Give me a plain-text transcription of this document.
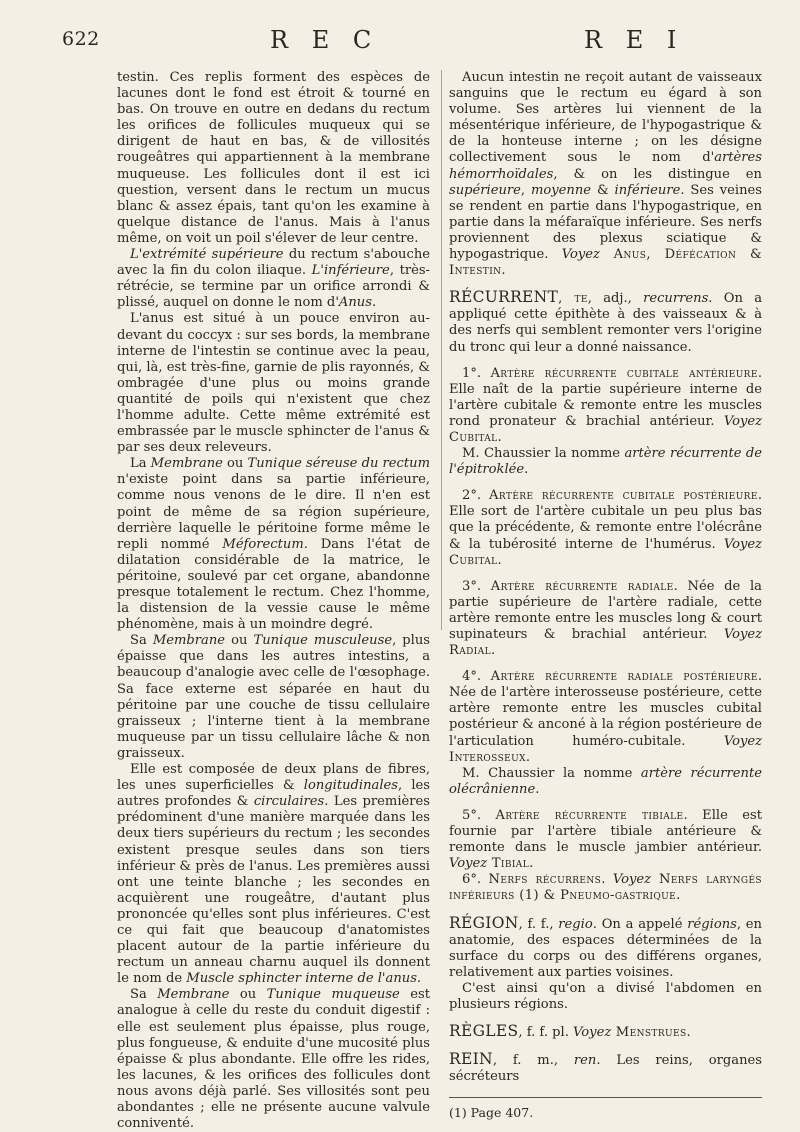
622	R E C	R E I

testin. Ces replis forment des espèces de lacunes dont le fond est étroit & tourné en bas. On trouve en outre en dedans du rectum les orifices de follicules muqueux qui se dirigent de haut en bas, & de villosités rougeâtres qui appartiennent à la membrane muqueuse. Les follicules dont il est ici question, versent dans le rectum un mucus blanc & assez épais, tant qu'on les examine à quelque distance de l'anus. Mais à l'anus même, on voit un poil s'élever de leur centre.

L'extrémité supérieure du rectum s'abouche avec la fin du colon iliaque. L'inférieure, très-rétrécie, se termine par un orifice arrondi & plissé, auquel on donne le nom d'Anus.

L'anus est situé à un pouce environ au-devant du coccyx : sur ses bords, la membrane interne de l'intestin se continue avec la peau, qui, là, est très-fine, garnie de plis rayonnés, & ombragée d'une plus ou moins grande quantité de poils qui n'existent que chez l'homme adulte. Cette même extrémité est embrassée par le muscle sphincter de l'anus & par ses deux releveurs.

La Membrane ou Tunique séreuse du rectum n'existe point dans sa partie inférieure, comme nous venons de le dire. Il n'en est point de même de sa région supérieure, derrière laquelle le péritoine forme même le repli nommé Méforectum. Dans l'état de dilatation considérable de la matrice, le péritoine, soulevé par cet organe, abandonne presque totalement le rectum. Chez l'homme, la distension de la vessie cause le même phénomène, mais à un moindre degré.

Sa Membrane ou Tunique musculeuse, plus épaisse que dans les autres intestins, a beaucoup d'analogie avec celle de l'œsophage. Sa face externe est séparée en haut du péritoine par une couche de tissu cellulaire graisseux ; l'interne tient à la membrane muqueuse par un tissu cellulaire lâche & non graisseux.

Elle est composée de deux plans de fibres, les unes superficielles & longitudinales, les autres profondes & circulaires. Les premières prédominent d'une manière marquée dans les deux tiers supérieurs du rectum ; les secondes existent presque seules dans son tiers inférieur & près de l'anus. Les premières aussi ont une teinte blanche ; les secondes en acquièrent une rougeâtre, d'autant plus prononcée qu'elles sont plus inférieures. C'est ce qui fait que beaucoup d'anatomistes placent autour de la partie inférieure du rectum un anneau charnu auquel ils donnent le nom de Muscle sphincter interne de l'anus.

Sa Membrane ou Tunique muqueuse est analogue à celle du reste du conduit digestif : elle est seulement plus épaisse, plus rouge, plus fongueuse, & enduite d'une mucosité plus épaisse & plus abondante. Elle offre les rides, les lacunes, & les orifices des follicules dont nous avons déjà parlé. Ses villosités sont peu abondantes ; elle ne présente aucune valvule conniventé.

Aucun intestin ne reçoit autant de vaisseaux sanguins que le rectum eu égard à son volume. Ses artères lui viennent de la mésentérique inférieure, de l'hypogastrique & de la honteuse interne ; on les désigne collectivement sous le nom d'artères hémorrhoïdales, & on les distingue en supérieure, moyenne & inférieure. Ses veines se rendent en partie dans l'hypogastrique, en partie dans la méfaraïque inférieure. Ses nerfs proviennent des plexus sciatique & hypogastrique. Voyez Anus, Défécation & Intestin.

RÉCURRENT, te, adj., recurrens. On a appliqué cette épithète à des vaisseaux & à des nerfs qui semblent remonter vers l'origine du tronc qui leur a donné naissance.

1°. Artère récurrente cubitale antérieure. Elle naît de la partie supérieure interne de l'artère cubitale & remonte entre les muscles rond pronateur & brachial antérieur. Voyez Cubital.

M. Chaussier la nomme artère récurrente de l'épitroklée.

2°. Artère récurrente cubitale postérieure. Elle sort de l'artère cubitale un peu plus bas que la précédente, & remonte entre l'olécrâne & la tubérosité interne de l'humérus. Voyez Cubital.

3°. Artère récurrente radiale. Née de la partie supérieure de l'artère radiale, cette artère remonte entre les muscles long & court supinateurs & brachial antérieur. Voyez Radial.

4°. Artère récurrente radiale postérieure. Née de l'artère interosseuse postérieure, cette artère remonte entre les muscles cubital postérieur & anconé à la région postérieure de l'articulation huméro-cubitale. Voyez Interosseux.

M. Chaussier la nomme artère récurrente olécrânienne.

5°. Artère récurrente tibiale. Elle est fournie par l'artère tibiale antérieure & remonte dans le muscle jambier antérieur. Voyez Tibial.

6°. Nerfs récurrens. Voyez Nerfs laryngés inférieurs (1) & Pneumo-gastrique.

RÉGION, f. f., regio. On a appelé régions, en anatomie, des espaces déterminées de la surface du corps ou des différens organes, relativement aux parties voisines.

C'est ainsi qu'on a divisé l'abdomen en plusieurs régions.

RÈGLES, f. f. pl. Voyez Menstrues.

REIN, f. m., ren. Les reins, organes sécréteurs

(1) Page 407.
